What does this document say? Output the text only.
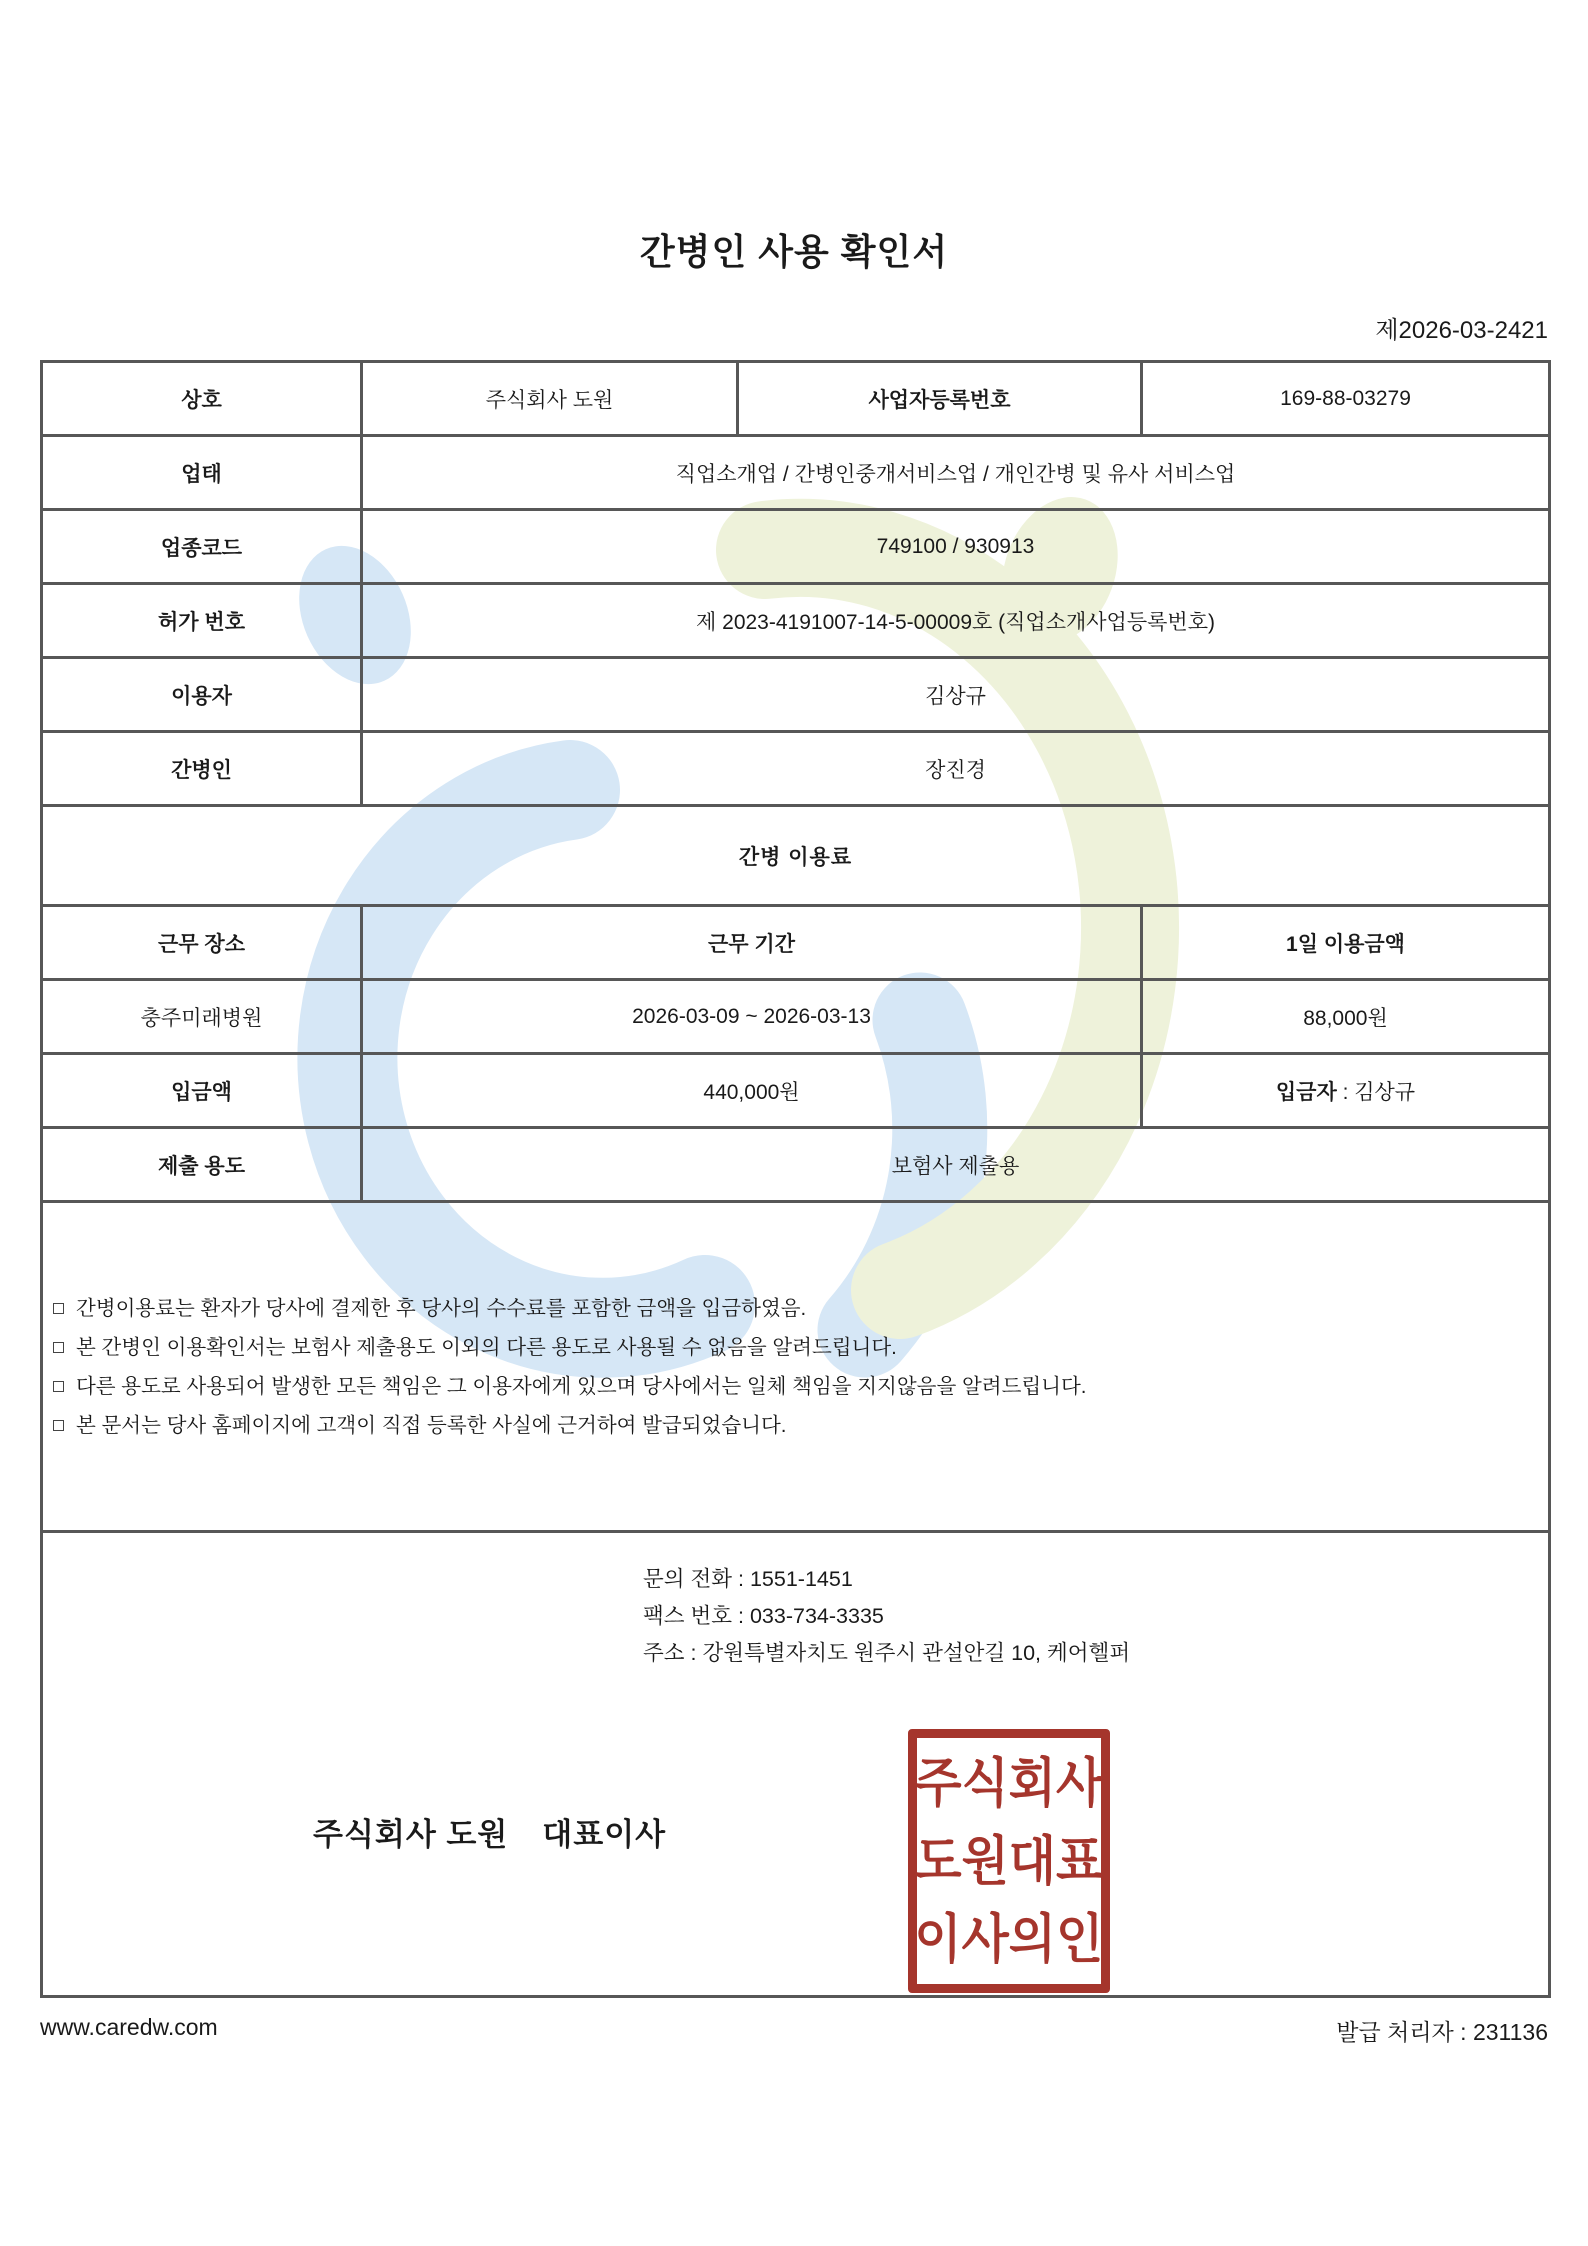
간병인 사용 확인서
제2026-03-2421
상호	주식회사 도원	사업자등록번호	169-88-03279
업태	직업소개업 / 간병인중개서비스업 / 개인간병 및 유사 서비스업		
업종코드	749100 / 930913		
허가 번호	제 2023-4191007-14-5-00009호 (직업소개사업등록번호)		
이용자	김상규		
간병인	장진경		
간병 이용료			
근무 장소	근무 기간		1일 이용금액
충주미래병원	2026-03-09 ~ 2026-03-13		88,000원
입금액	440,000원		입금자 : 김상규
제출 용도	보험사 제출용		

간병이용료는 환자가 당사에 결제한 후 당사의 수수료를 포함한 금액을 입금하였음.
본 간병인 이용확인서는 보험사 제출용도 이외의 다른 용도로 사용될 수 없음을 알려드립니다.
다른 용도로 사용되어 발생한 모든 책임은 그 이용자에게 있으며 당사에서는 일체 책임을 지지않음을 알려드립니다.
본 문서는 당사 홈페이지에 고객이 직접 등록한 사실에 근거하여 발급되었습니다.			

문의 전화 : 1551-1451
팩스 번호 : 033-734-3335
주소 : 강원특별자치도 원주시 관설안길 10, 케어헬퍼
주식회사 도원 대표이사
주식회사
도원대표
이사의인
www.caredw.com	발급 처리자 : 231136
